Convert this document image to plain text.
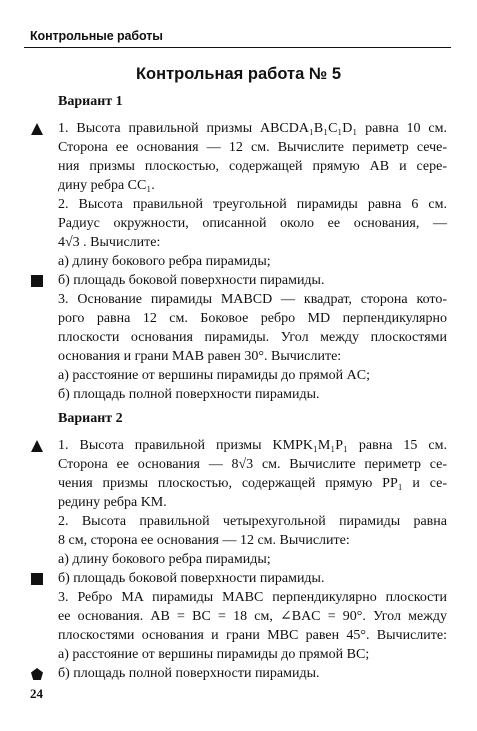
Контрольные работы
Контрольная работа № 5
Вариант 1
1. Высота правильной призмы ABCDA₁B₁C₁D₁ равна 10 см.
Сторона ее основания — 12 см. Вычислите периметр сече-
ния призмы плоскостью, содержащей прямую AB и сере-
дину ребра CC₁.
2. Высота правильной треугольной пирамиды равна 6 см.
Радиус окружности, описанной около ее основания, —
4√3 . Вычислите:
а) длину бокового ребра пирамиды;
б) площадь боковой поверхности пирамиды.
3. Основание пирамиды MABCD — квадрат, сторона кото-
рого равна 12 см. Боковое ребро MD перпендикулярно
плоскости основания пирамиды. Угол между плоскостями
основания и грани MAB равен 30°. Вычислите:
а) расстояние от вершины пирамиды до прямой AC;
б) площадь полной поверхности пирамиды.
Вариант 2
1. Высота правильной призмы KMPK₁M₁P₁ равна 15 см.
Сторона ее основания — 8√3 см. Вычислите периметр се-
чения призмы плоскостью, содержащей прямую PP₁ и се-
редину ребра KM.
2. Высота правильной четырехугольной пирамиды равна
8 см, сторона ее основания — 12 см. Вычислите:
а) длину бокового ребра пирамиды;
б) площадь боковой поверхности пирамиды.
3. Ребро MA пирамиды MABC перпендикулярно плоскости
ее основания. AB = BC = 18 см, ∠BAC = 90°. Угол между
плоскостями основания и грани MBC равен 45°. Вычислите:
а) расстояние от вершины пирамиды до прямой BC;
б) площадь полной поверхности пирамиды.
24
